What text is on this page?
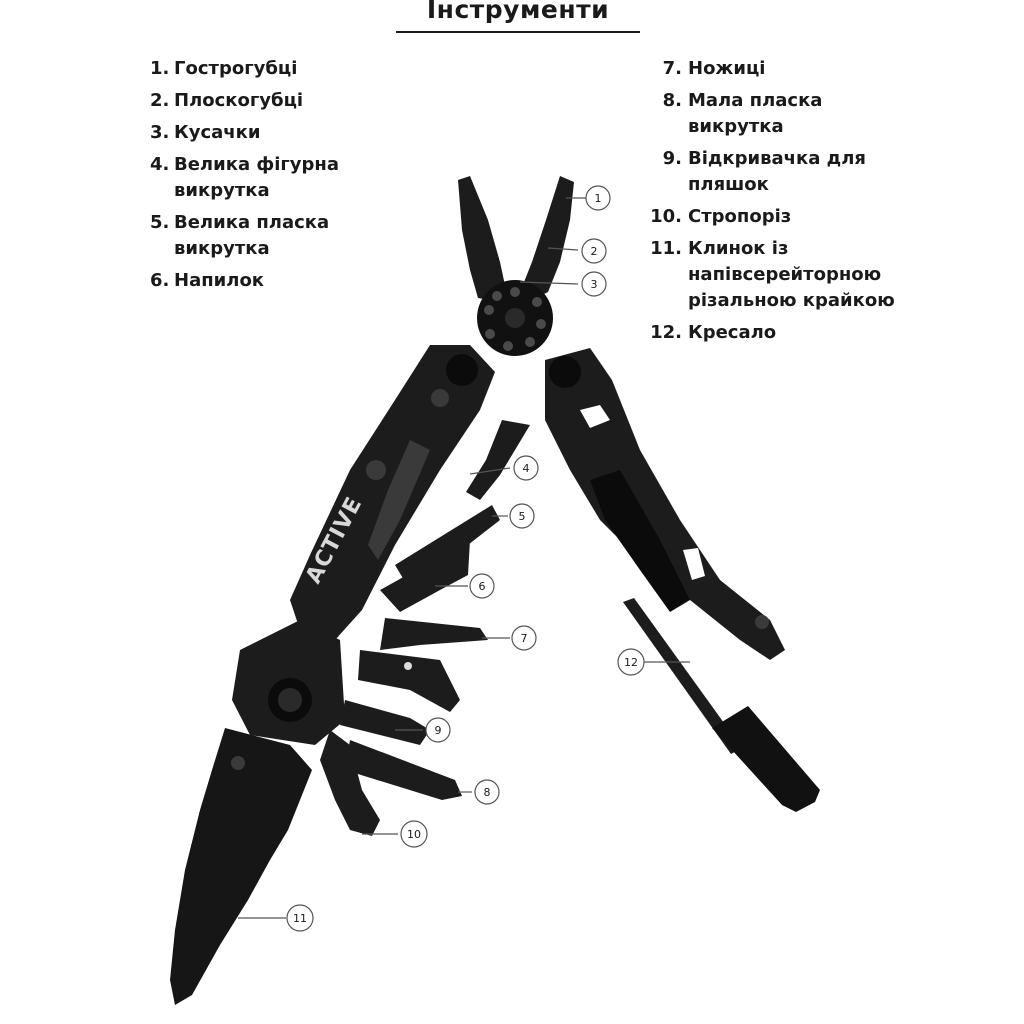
Інструменти
1. Гострогубці
2. Плоскогубці
3. Кусачки
4. Велика фігурна викрутка
5. Велика пласка викрутка
6. Напилок
7. Ножиці
8. Мала пласка викрутка
9. Відкривачка для пляшок
10. Стропоріз
11. Клинок із напівсерейторною різальною крайкою
12. Кресало
ACTIVE
1
2
3
4
5
6
7
9
8
10
11
12
